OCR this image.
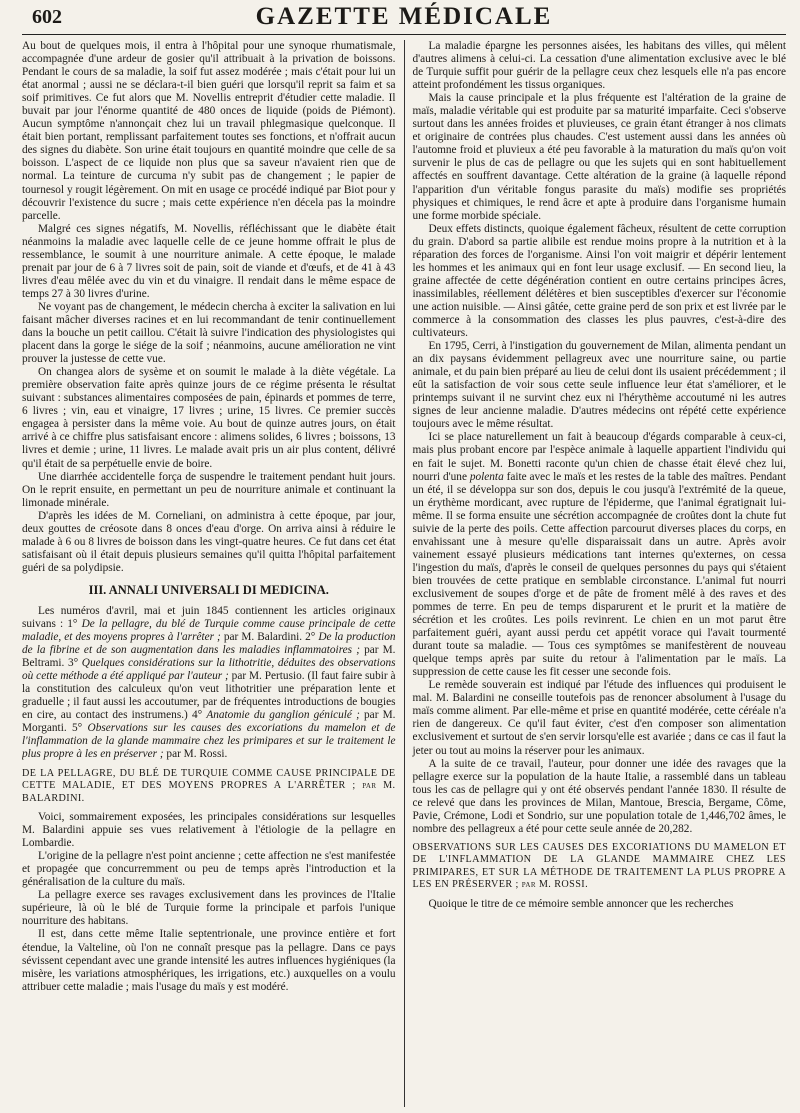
602	GAZETTE MÉDICALE

Au bout de quelques mois, il entra à l'hôpital pour une synoque rhumatismale, accompagnée d'une ardeur de gosier qu'il attribuait à la privation de boissons. Pendant le cours de sa maladie, la soif fut assez modérée ; mais c'était pour lui un état anormal ; aussi ne se déclara-t-il bien guéri que lorsqu'il reprit sa faim et sa soif primitives. Ce fut alors que M. Novellis entreprit d'étudier cette maladie. Il buvait par jour l'énorme quantité de 480 onces de liquide (poids de Piémont). Aucun symptôme n'annonçait chez lui un travail phlegmasique quelconque. Il était bien portant, remplissant parfaitement toutes ses fonctions, et n'offrait aucun des signes du diabète. Son urine était toujours en quantité moindre que celle de sa boisson. L'aspect de ce liquide non plus que sa saveur n'avaient rien que de normal. La teinture de curcuma n'y subit pas de changement ; le papier de tournesol y rougit légèrement. On mit en usage ce procédé indiqué par Biot pour y découvrir l'existence du sucre ; mais cette expérience n'en décela pas la moindre parcelle.

Malgré ces signes négatifs, M. Novellis, réfléchissant que le diabète était néanmoins la maladie avec laquelle celle de ce jeune homme offrait le plus de ressemblance, le soumit à une nourriture animale. A cette époque, le malade prenait par jour de 6 à 7 livres soit de pain, soit de viande et d'œufs, et de 41 à 43 livres d'eau mêlée avec du vin et du vinaigre. Il rendait dans le même espace de temps 27 à 30 livres d'urine.

Ne voyant pas de changement, le médecin chercha à exciter la salivation en lui faisant mâcher diverses racines et en lui recommandant de tenir continuellement dans la bouche un petit caillou. C'était là suivre l'indication des physiologistes qui placent dans la gorge le siége de la soif ; néanmoins, aucune amélioration ne vint prouver la justesse de cette vue.

On changea alors de sysème et on soumit le malade à la diète végétale. La première observation faite après quinze jours de ce régime présenta le résultat suivant : substances alimentaires composées de pain, épinards et pommes de terre, 6 livres ; vin, eau et vinaigre, 17 livres ; urine, 15 livres. Ce premier succès engagea à persister dans la même voie. Au bout de quinze autres jours, on était arrivé à ce chiffre plus satisfaisant encore : alimens solides, 6 livres ; boissons, 13 livres et demie ; urine, 11 livres. Le malade avait pris un air plus content, délivré qu'il était de sa perpétuelle envie de boire.

Une diarrhée accidentelle força de suspendre le traitement pendant huit jours. On le reprit ensuite, en permettant un peu de nourriture animale et continuant la limonade minérale.

D'après les idées de M. Corneliani, on administra à cette époque, par jour, deux gouttes de créosote dans 8 onces d'eau d'orge. On arriva ainsi à réduire le malade à 6 ou 8 livres de boisson dans les vingt-quatre heures. Ce fut dans cet état satisfaisant où il était depuis plusieurs semaines qu'il quitta l'hôpital parfaitement guéri de sa polydipsie.

III. ANNALI UNIVERSALI DI MEDICINA.

Les numéros d'avril, mai et juin 1845 contiennent les articles originaux suivans : 1° De la pellagre, du blé de Turquie comme cause principale de cette maladie, et des moyens propres à l'arrêter ; par M. Balardini. 2° De la production de la fibrine et de son augmentation dans les maladies inflammatoires ; par M. Beltrami. 3° Quelques considérations sur la lithotritie, déduites des observations où cette méthode a été appliqué par l'auteur ; par M. Pertusio. (Il faut faire subir à la constitution des calculeux qu'on veut lithotritier une préparation lente et graduelle ; il faut aussi les accoutumer, par de fréquentes introductions de bougies en cire, au contact des instrumens.) 4° Anatomie du ganglion géniculé ; par M. Morganti. 5° Observations sur les causes des excoriations du mamelon et de l'inflammation de la glande mammaire chez les primipares et sur le traitement le plus propre à les en préserver ; par M. Rossi.

DE LA PELLAGRE, DU BLÉ DE TURQUIE COMME CAUSE PRINCIPALE DE CETTE MALADIE, ET DES MOYENS PROPRES A L'ARRÊTER ; par M. BALARDINI.

Voici, sommairement exposées, les principales considérations sur lesquelles M. Balardini appuie ses vues relativement à l'étiologie de la pellagre en Lombardie.

L'origine de la pellagre n'est point ancienne ; cette affection ne s'est manifestée et propagée que concurremment ou peu de temps après l'introduction et la généralisation de la culture du maïs.

La pellagre exerce ses ravages exclusivement dans les provinces de l'Italie supérieure, là où le blé de Turquie forme la principale et parfois l'unique nourriture des habitans.

Il est, dans cette même Italie septentrionale, une province entière et fort étendue, la Valteline, où l'on ne connaît presque pas la pellagre. Dans ce pays sévissent cependant avec une grande intensité les autres influences hygiéniques (la misère, les variations atmosphériques, les irrigations, etc.) auxquelles on a voulu attribuer cette maladie ; mais l'usage du maïs y est modéré.

La maladie épargne les personnes aisées, les habitans des villes, qui mêlent d'autres alimens à celui-ci. La cessation d'une alimentation exclusive avec le blé de Turquie suffit pour guérir de la pellagre ceux chez lesquels elle n'a pas encore atteint profondément les tissus organiques.

Mais la cause principale et la plus fréquente est l'altération de la graine de maïs, maladie véritable qui est produite par sa maturité imparfaite. Ceci s'observe surtout dans les années froides et pluvieuses, ce grain étant étranger à nos climats et originaire de contrées plus chaudes. C'est ustement aussi dans les années où l'automne froid et pluvieux a été peu favorable à la maturation du maïs qu'on voit survenir le plus de cas de pellagre ou que les sujets qui en sont habituellement affectés en souffrent davantage. Cette altération de la graine (à laquelle répond l'apparition d'un véritable fongus parasite du maïs) modifie ses propriétés physiques et chimiques, le rend âcre et apte à produire dans l'organisme humain une forme morbide spéciale.

Deux effets distincts, quoique également fâcheux, résultent de cette corruption du grain. D'abord sa partie alibile est rendue moins propre à la nutrition et à la réparation des forces de l'organisme. Ainsi l'on voit maigrir et dépérir lentement les hommes et les animaux qui en font leur usage exclusif. — En second lieu, la graine affectée de cette dégénération contient en outre certains principes âcres, inassimilables, réellement délétères et bien susceptibles d'exercer sur l'économie une action nuisible. — Ainsi gâtée, cette graine perd de son prix et est livrée par le commerce à la consommation des classes les plus pauvres, c'est-à-dire des cultivateurs.

En 1795, Cerri, à l'instigation du gouvernement de Milan, alimenta pendant un an dix paysans évidemment pellagreux avec une nourriture saine, ou partie animale, et du pain bien préparé au lieu de celui dont ils usaient précédemment ; il eût la satisfaction de voir sous cette seule influence leur état s'améliorer, et le printemps suivant il ne survint chez eux ni l'hérythème accoutumé ni les autres signes de leur ancienne maladie. D'autres médecins ont répété cette expérience toujours avec le même résultat.

Ici se place naturellement un fait à beaucoup d'égards comparable à ceux-ci, mais plus probant encore par l'espèce animale à laquelle appartient l'individu qui en fait le sujet. M. Bonetti raconte qu'un chien de chasse était élevé chez lui, nourri d'une polenta faite avec le maïs et les restes de la table des maîtres. Pendant un été, il se développa sur son dos, depuis le cou jusqu'à l'extrémité de la queue, un érythème mordicant, avec rupture de l'épiderme, que l'animal égratignait lui-même. Il se forma ensuite une sécrétion accompagnée de croûtes dont la chute fut suivie de la perte des poils. Cette affection parcourut diverses places du corps, en envahissant une à mesure qu'elle disparaissait dans un autre. Après avoir vainement essayé plusieurs médications tant internes qu'externes, on cessa l'ingestion du maïs, d'après le conseil de quelques personnes du pays qui s'étaient bien trouvées de cette pratique en semblable circonstance. L'animal fut nourri exclusivement de soupes d'orge et de pâte de froment mêlé à des raves et des pommes de terre. En peu de temps disparurent et le prurit et la matière de sécrétion et les croûtes. Les poils revinrent. Le chien en un mot parut être parfaitement guéri, ayant aussi perdu cet appétit vorace qui l'avait tourmenté durant toute sa maladie. — Tous ces symptômes se manifestèrent de nouveau quelque temps après par suite du retour à l'alimentation par le maïs. La suppression de cette cause les fit cesser une seconde fois.

Le remède souverain est indiqué par l'étude des influences qui produisent le mal. M. Balardini ne conseille toutefois pas de renoncer absolument à l'usage du maïs comme aliment. Par elle-même et prise en quantité modérée, cette céréale n'a rien de dangereux. Ce qu'il faut éviter, c'est d'en composer son alimentation exclusivement et surtout de s'en servir lorsqu'elle est avariée ; dans ce cas il faut la jeter ou tout au moins la réserver pour les animaux.

A la suite de ce travail, l'auteur, pour donner une idée des ravages que la pellagre exerce sur la population de la haute Italie, a rassemblé dans un tableau tous les cas de pellagre qui y ont été observés pendant l'année 1830. Il résulte de ce relevé que dans les provinces de Milan, Mantoue, Brescia, Bergame, Côme, Pavie, Crémone, Lodi et Sondrio, sur une population totale de 1,446,702 âmes, le nombre des pellagreux a été pour cette seule année de 20,282.

OBSERVATIONS SUR LES CAUSES DES EXCORIATIONS DU MAMELON ET DE L'INFLAMMATION DE LA GLANDE MAMMAIRE CHEZ LES PRIMIPARES, ET SUR LA MÉTHODE DE TRAITEMENT LA PLUS PROPRE A LES EN PRÉSERVER ; par M. ROSSI.

Quoique le titre de ce mémoire semble annoncer que les recherches
